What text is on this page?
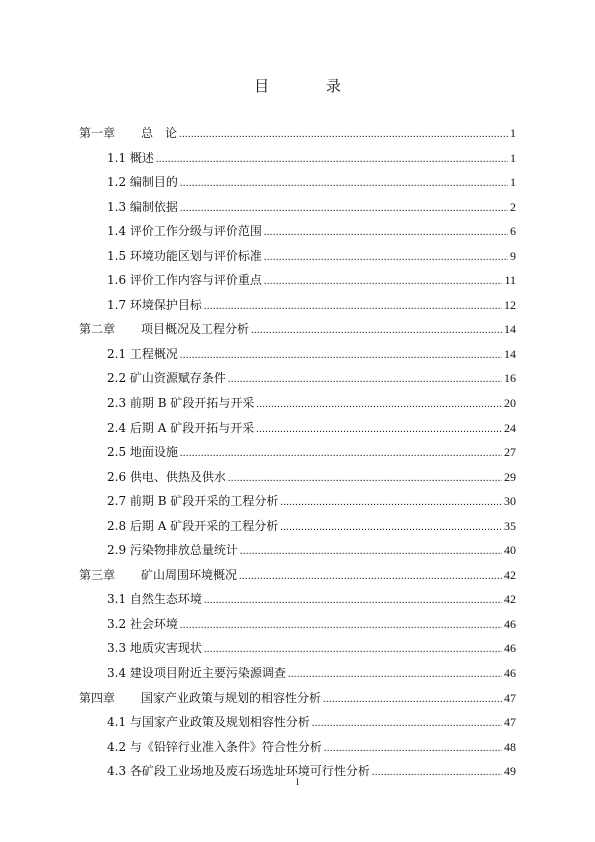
目 录
第一章 总　论 .....	1
1.1 概述 .....	1
1.2 编制目的 .....	1
1.3 编制依据 .....	2
1.4 评价工作分级与评价范围 .....	6
1.5 环境功能区划与评价标准 .....	9
1.6 评价工作内容与评价重点 .....	11
1.7 环境保护目标 .....	12
第二章 项目概况及工程分析 .....	14
2.1 工程概况 .....	14
2.2 矿山资源赋存条件 .....	16
2.3 前期 B 矿段开拓与开采 .....	20
2.4 后期 A 矿段开拓与开采 .....	24
2.5 地面设施 .....	27
2.6 供电、供热及供水 .....	29
2.7 前期 B 矿段开采的工程分析 .....	30
2.8 后期 A 矿段开采的工程分析 .....	35
2.9 污染物排放总量统计 .....	40
第三章 矿山周围环境概况 .....	42
3.1 自然生态环境 .....	42
3.2 社会环境 .....	46
3.3 地质灾害现状 .....	46
3.4 建设项目附近主要污染源调查 .....	46
第四章 国家产业政策与规划的相容性分析 .....	47
4.1 与国家产业政策及规划相容性分析 .....	47
4.2 与《铅锌行业准入条件》符合性分析 .....	48
4.3 各矿段工业场地及废石场选址环境可行性分析 .....	49
I
